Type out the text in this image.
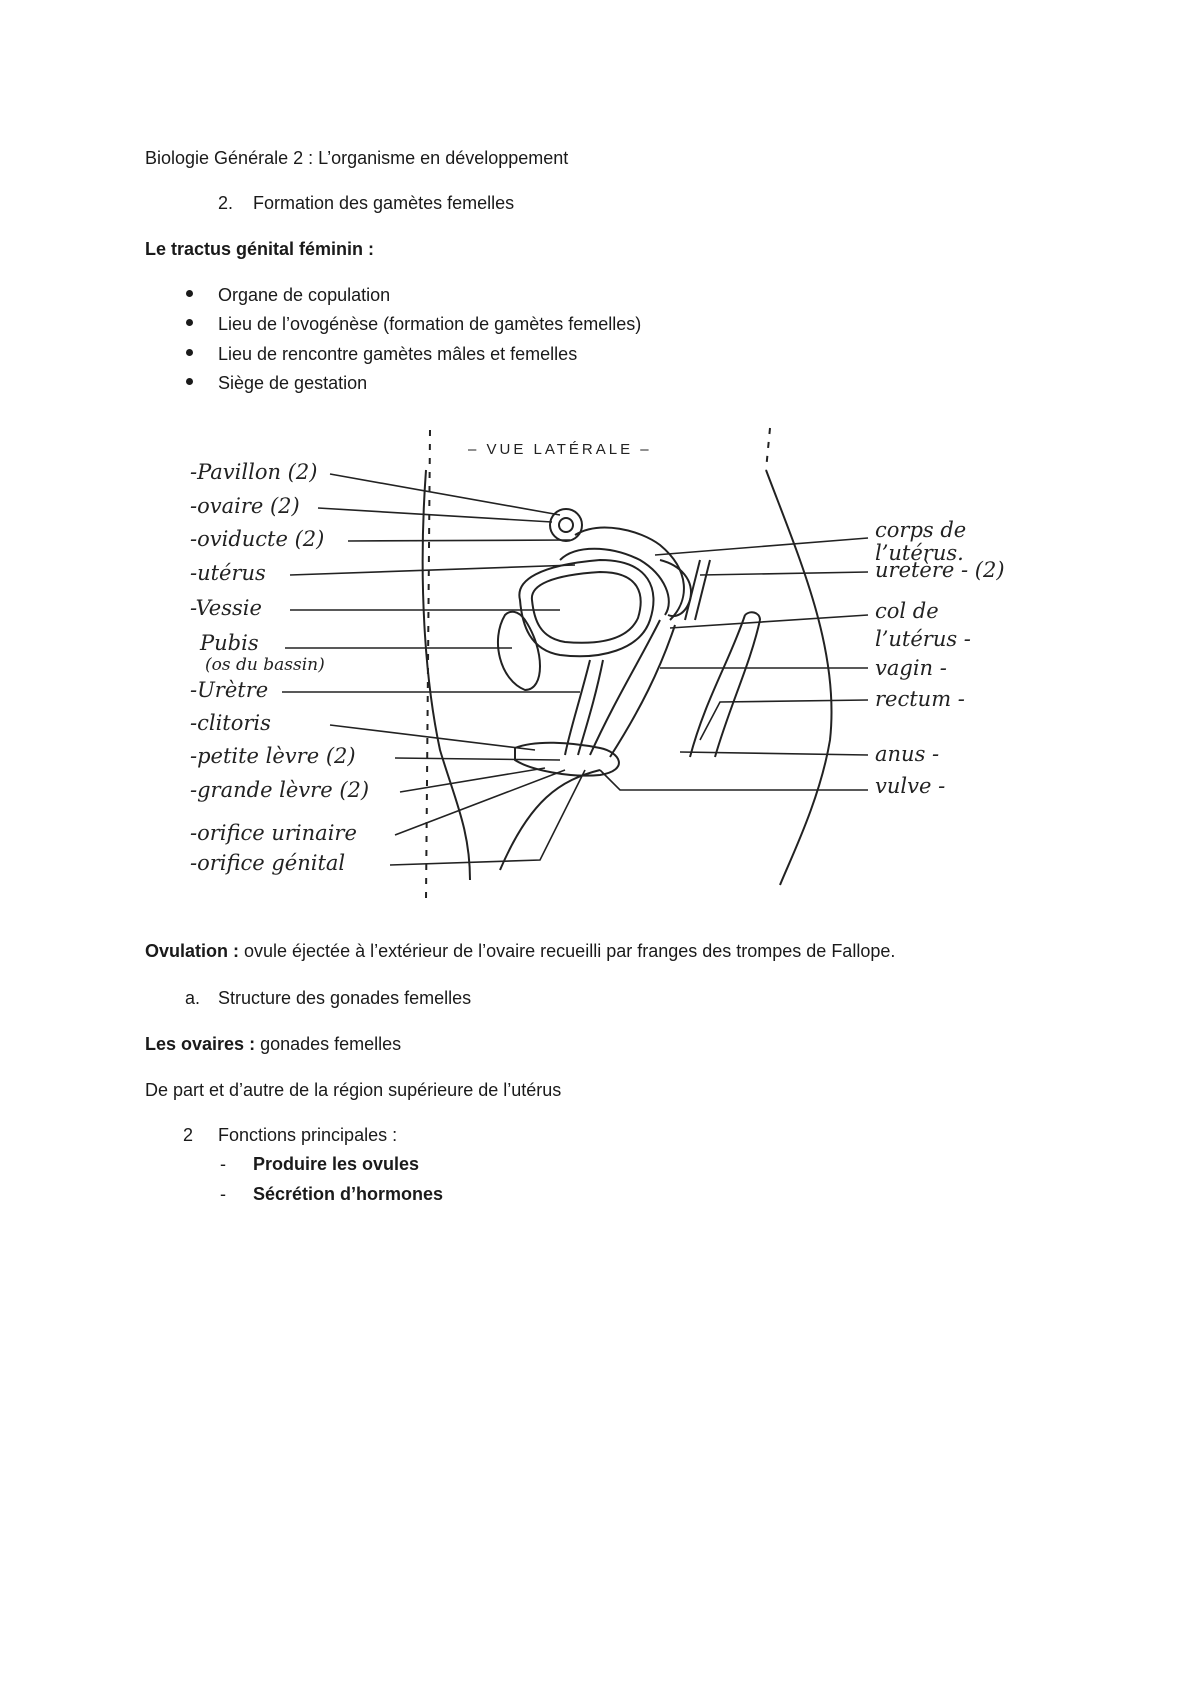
Biologie Générale 2 : L’organisme en développement
2. Formation des gamètes femelles
Le tractus génital féminin :
Organe de copulation
Lieu de l’ovogénèse (formation de gamètes femelles)
Lieu de rencontre gamètes mâles et femelles
Siège de gestation
– VUE LATÉRALE –
-Pavillon (2)
-ovaire (2)
-oviducte (2)
-utérus
-Vessie
Pubis
(os du bassin)
-Urètre
-clitoris
-petite lèvre (2)
-grande lèvre (2)
-orifice urinaire
-orifice génital
corps de
l’utérus.
uretère - (2)
col de
l’utérus -
vagin -
rectum -
anus -
vulve -
Ovulation : ovule éjectée à l’extérieur de l’ovaire recueilli par franges des trompes de Fallope.
a. Structure des gonades femelles
Les ovaires : gonades femelles
De part et d’autre de la région supérieure de l’utérus
2 Fonctions principales :
- Produire les ovules
- Sécrétion d’hormones
